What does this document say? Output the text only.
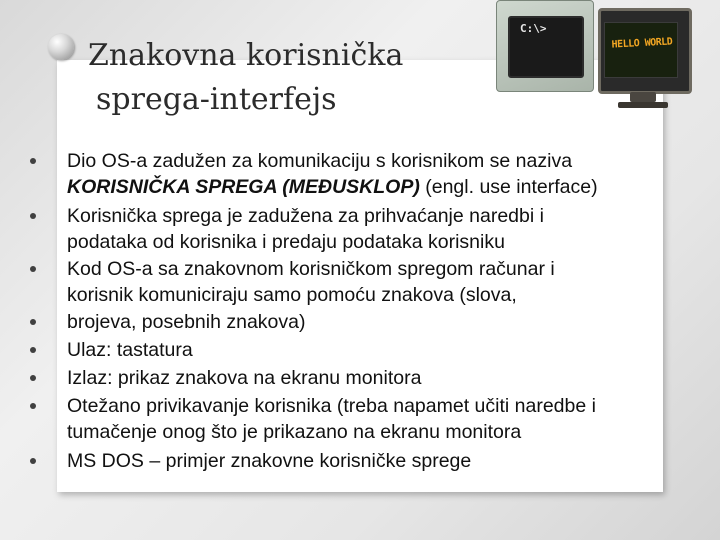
Znakovna korisnička
sprega-interfejs
C:\>
HELLO WORLD
Dio OS-a zadužen za komunikaciju s korisnikom se naziva
KORISNIČKA SPREGA (MEĐUSKLOP) (engl. use interface)
Korisnička sprega je zadužena za prihvaćanje naredbi i
podataka od korisnika i predaju podataka korisniku
Kod OS-a sa znakovnom korisničkom spregom računar i
korisnik komuniciraju samo pomoću znakova (slova,
brojeva, posebnih znakova)
Ulaz: tastatura
Izlaz: prikaz znakova na ekranu monitora
Otežano privikavanje korisnika (treba napamet učiti naredbe i
tumačenje onog što je prikazano na ekranu monitora
MS DOS – primjer znakovne korisničke sprege
